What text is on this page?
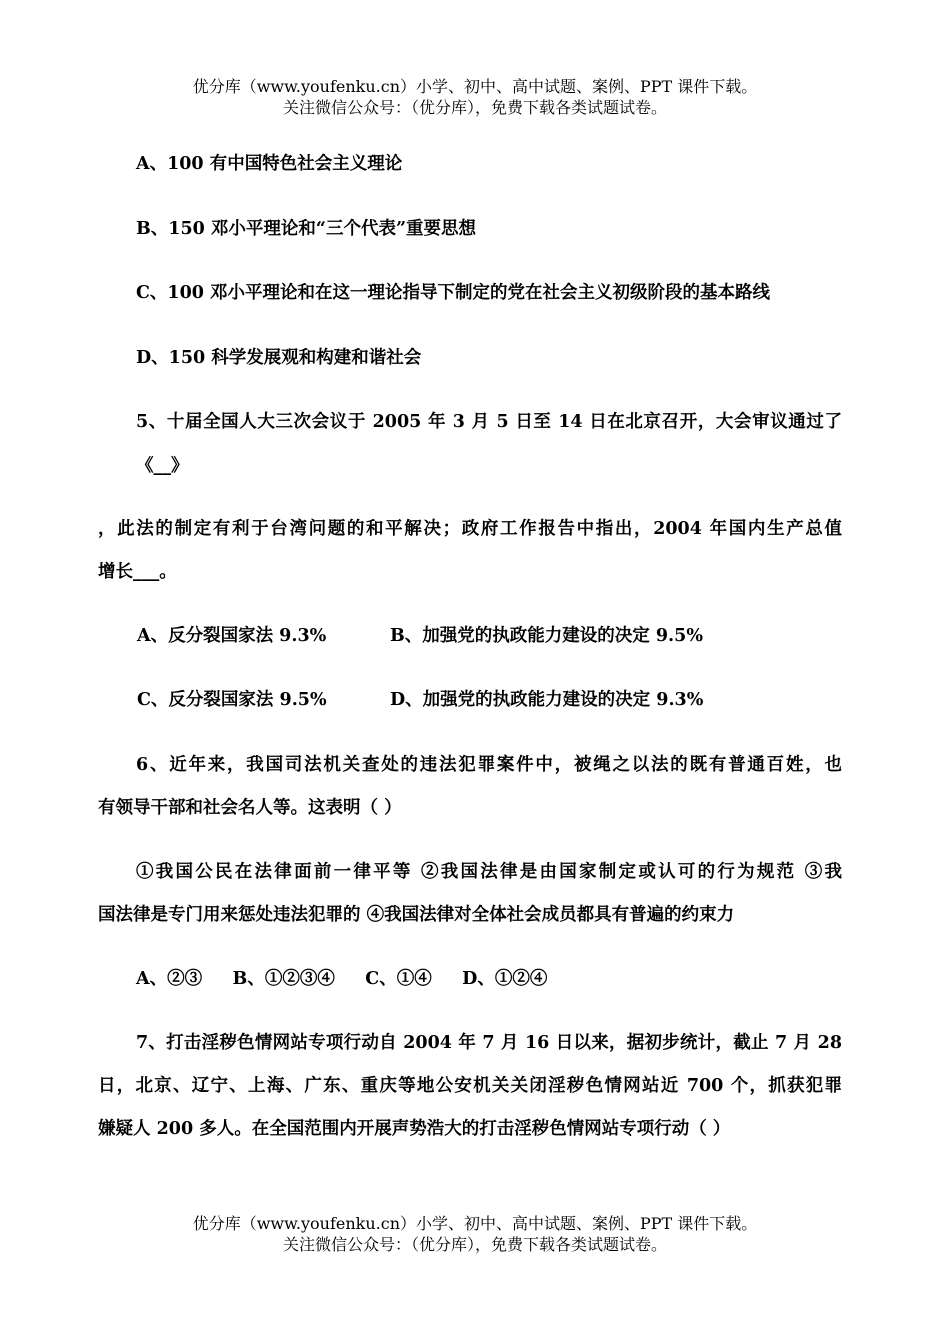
优分库（www.youfenku.cn）小学、初中、高中试题、案例、PPT 课件下载。
关注微信公众号：（优分库），免费下载各类试题试卷。
A、100 有中国特色社会主义理论
B、150 邓小平理论和“三个代表”重要思想
C、100 邓小平理论和在这一理论指导下制定的党在社会主义初级阶段的基本路线
D、150 科学发展观和构建和谐社会
5、十届全国人大三次会议于 2005 年 3 月 5 日至 14 日在北京召开，大会审议通过了
《__》
，此法的制定有利于台湾问题的和平解决；政府工作报告中指出，2004 年国内生产总值
增长___。
A、反分裂国家法 9.3%	B、加强党的执政能力建设的决定 9.5%
C、反分裂国家法 9.5%	D、加强党的执政能力建设的决定 9.3%
6、近年来，我国司法机关查处的违法犯罪案件中，被绳之以法的既有普通百姓，也
有领导干部和社会名人等。这表明（ ）
①我国公民在法律面前一律平等 ②我国法律是由国家制定或认可的行为规范 ③我
国法律是专门用来惩处违法犯罪的 ④我国法律对全体社会成员都具有普遍的约束力
A、②③     B、①②③④     C、①④     D、①②④
7、打击淫秽色情网站专项行动自 2004 年 7 月 16 日以来，据初步统计，截止 7 月 28
日，北京、辽宁、上海、广东、重庆等地公安机关关闭淫秽色情网站近 700 个，抓获犯罪
嫌疑人 200 多人。在全国范围内开展声势浩大的打击淫秽色情网站专项行动（ ）
优分库（www.youfenku.cn）小学、初中、高中试题、案例、PPT 课件下载。
关注微信公众号：（优分库），免费下载各类试题试卷。
